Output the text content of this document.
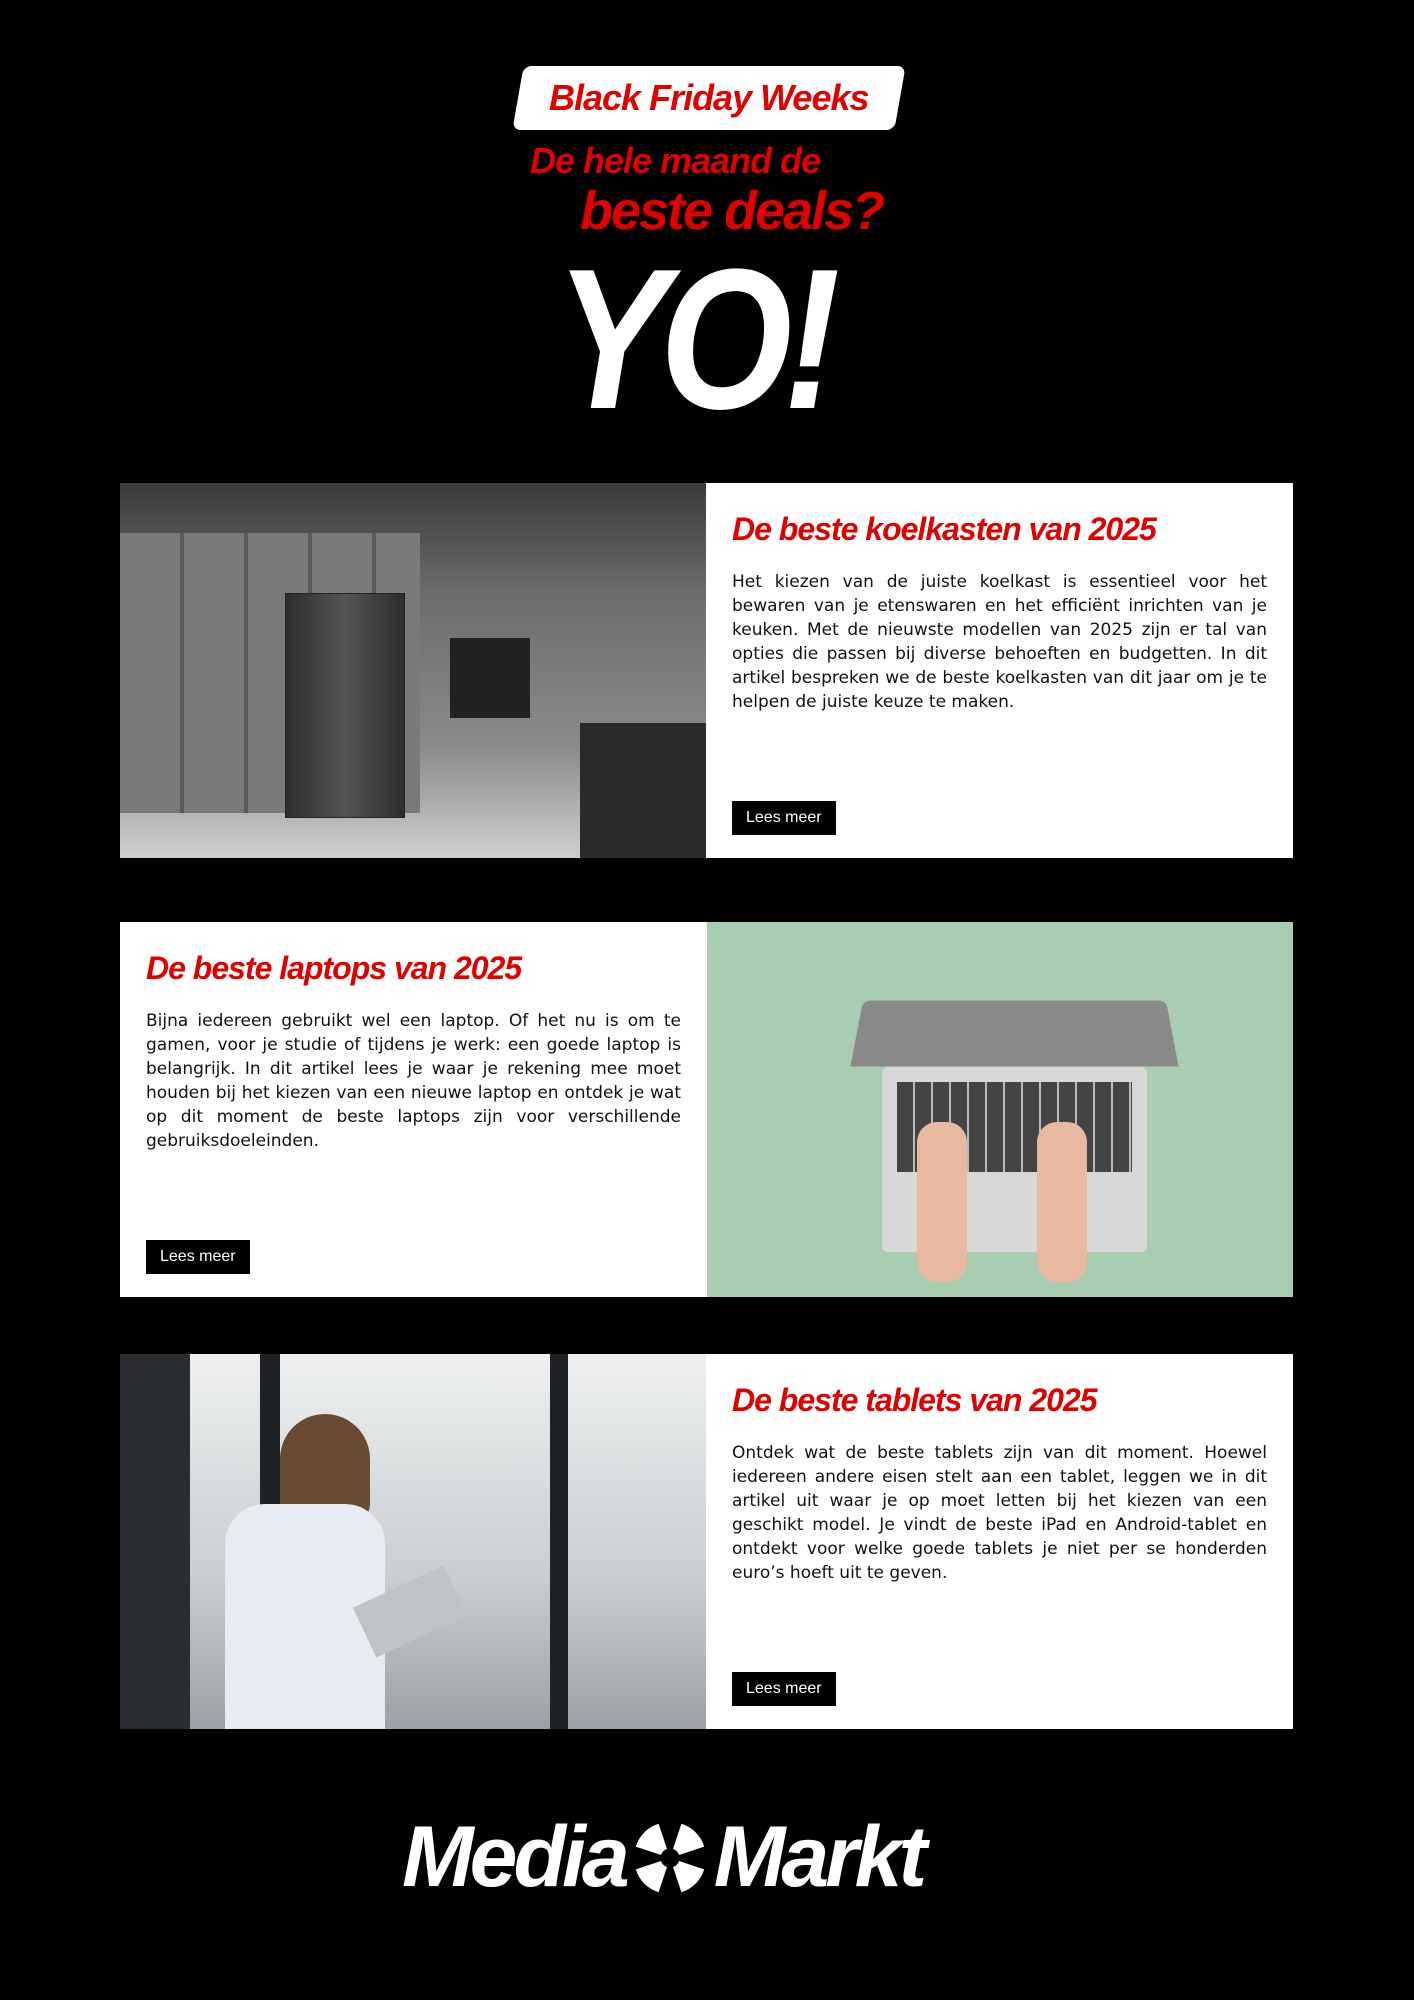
Black Friday Weeks
De hele maand de
beste deals?
YO!
De beste koelkasten van 2025
Het kiezen van de juiste koelkast is essentieel voor het bewaren van je etenswaren en het efficiënt inrichten van je keuken. Met de nieuwste modellen van 2025 zijn er tal van opties die passen bij diverse behoeften en budgetten. In dit artikel bespreken we de beste koelkasten van dit jaar om je te helpen de juiste keuze te maken.
Lees meer
De beste laptops van 2025
Bijna iedereen gebruikt wel een laptop. Of het nu is om te gamen, voor je studie of tijdens je werk: een goede laptop is belangrijk. In dit artikel lees je waar je rekening mee moet houden bij het kiezen van een nieuwe laptop en ontdek je wat op dit moment de beste laptops zijn voor verschillende gebruiksdoeleinden.
Lees meer
De beste tablets van 2025
Ontdek wat de beste tablets zijn van dit moment. Hoewel iedereen andere eisen stelt aan een tablet, leggen we in dit artikel uit waar je op moet letten bij het kiezen van een geschikt model. Je vindt de beste iPad en Android-tablet en ontdekt voor welke goede tablets je niet per se honderden euro’s hoeft uit te geven.
Lees meer
Media Markt
